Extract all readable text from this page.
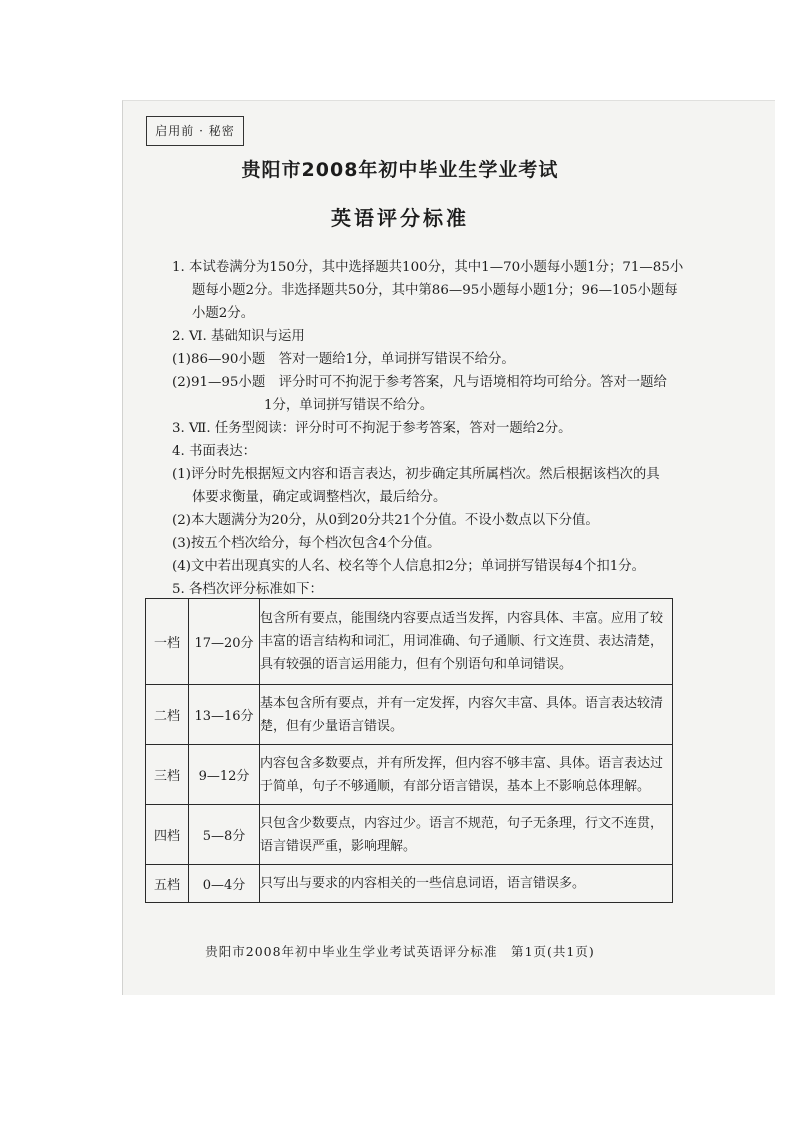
启用前 · 秘密
贵阳市2008年初中毕业生学业考试
英语评分标准
1. 本试卷满分为150分，其中选择题共100分，其中1—70小题每小题1分；71—85小
题每小题2分。非选择题共50分，其中第86—95小题每小题1分；96—105小题每
小题2分。
2. Ⅵ. 基础知识与运用
(1)86—90小题　答对一题给1分，单词拼写错误不给分。
(2)91—95小题　评分时可不拘泥于参考答案，凡与语境相符均可给分。答对一题给
1分，单词拼写错误不给分。
3. Ⅶ. 任务型阅读：评分时可不拘泥于参考答案，答对一题给2分。
4. 书面表达：
(1)评分时先根据短文内容和语言表达，初步确定其所属档次。然后根据该档次的具
体要求衡量，确定或调整档次，最后给分。
(2)本大题满分为20分，从0到20分共21个分值。不设小数点以下分值。
(3)按五个档次给分，每个档次包含4个分值。
(4)文中若出现真实的人名、校名等个人信息扣2分；单词拼写错误每4个扣1分。
5. 各档次评分标准如下：
一档	17—20分	包含所有要点，能围绕内容要点适当发挥，内容具体、丰富。应用了较丰富的语言结构和词汇，用词准确、句子通顺、行文连贯、表达清楚，具有较强的语言运用能力，但有个别语句和单词错误。
二档	13—16分	基本包含所有要点，并有一定发挥，内容欠丰富、具体。语言表达较清楚，但有少量语言错误。
三档	9—12分	内容包含多数要点，并有所发挥，但内容不够丰富、具体。语言表达过于简单，句子不够通顺，有部分语言错误，基本上不影响总体理解。
四档	5—8分	只包含少数要点，内容过少。语言不规范，句子无条理，行文不连贯，语言错误严重，影响理解。
五档	0—4分	只写出与要求的内容相关的一些信息词语，语言错误多。
贵阳市2008年初中毕业生学业考试英语评分标准　第1页(共1页)
